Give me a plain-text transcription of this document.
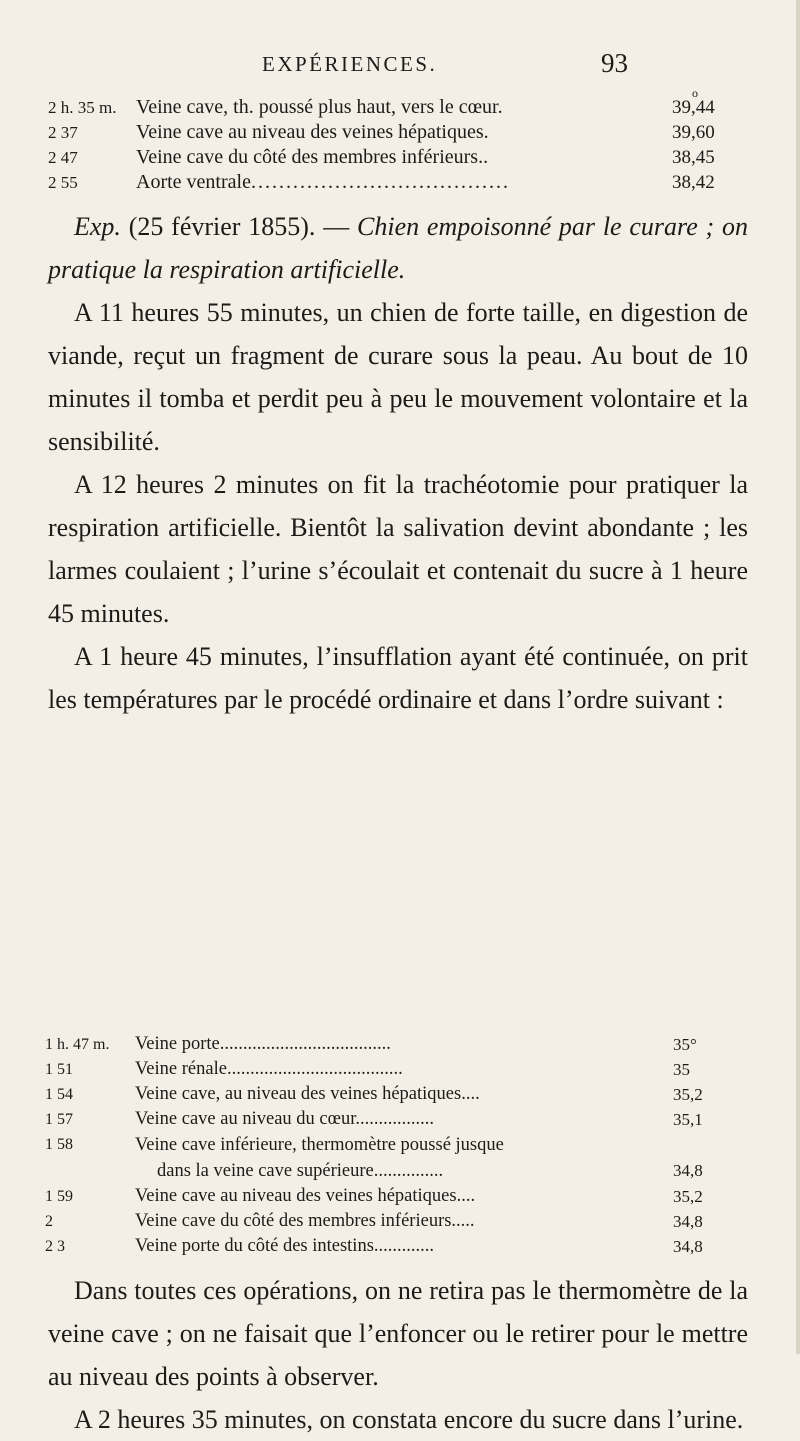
EXPÉRIENCES.	93
2 h. 35 m. Veine cave, th. poussé plus haut, vers le cœur.	39,44
o
2 37	Veine cave au niveau des veines hépatiques.	39,60
2 47	Veine cave du côté des membres inférieurs..	38,45
2 55	Aorte ventrale.....................................	38,42

Exp. (25 février 1855). — Chien empoisonné par le curare ; on pratique la respiration artificielle.

A 11 heures 55 minutes, un chien de forte taille, en digestion de viande, reçut un fragment de curare sous la peau. Au bout de 10 minutes il tomba et perdit peu à peu le mouvement volontaire et la sensibilité.

A 12 heures 2 minutes on fit la trachéotomie pour pratiquer la respiration artificielle. Bientôt la salivation devint abondante ; les larmes coulaient ; l’urine s’écoulait et contenait du sucre à 1 heure 45 minutes.

A 1 heure 45 minutes, l’insufflation ayant été continuée, on prit les températures par le procédé ordinaire et dans l’ordre suivant :

1 h. 47 m.	Veine porte.....................................	35°
1 51	Veine rénale......................................	35
1 54	Veine cave, au niveau des veines hépatiques....	35,2
1 57	Veine cave au niveau du cœur.................	35,1
1 58	Veine cave inférieure, thermomètre poussé jusque
dans la veine cave supérieure...............	34,8
1 59	Veine cave au niveau des veines hépatiques....	35,2
2	Veine cave du côté des membres inférieurs.....	34,8
2 3	Veine porte du côté des intestins.............	34,8

Dans toutes ces opérations, on ne retira pas le thermomètre de la veine cave ; on ne faisait que l’enfoncer ou le retirer pour le mettre au niveau des points à observer.

A 2 heures 35 minutes, on constata encore du sucre dans l’urine.
